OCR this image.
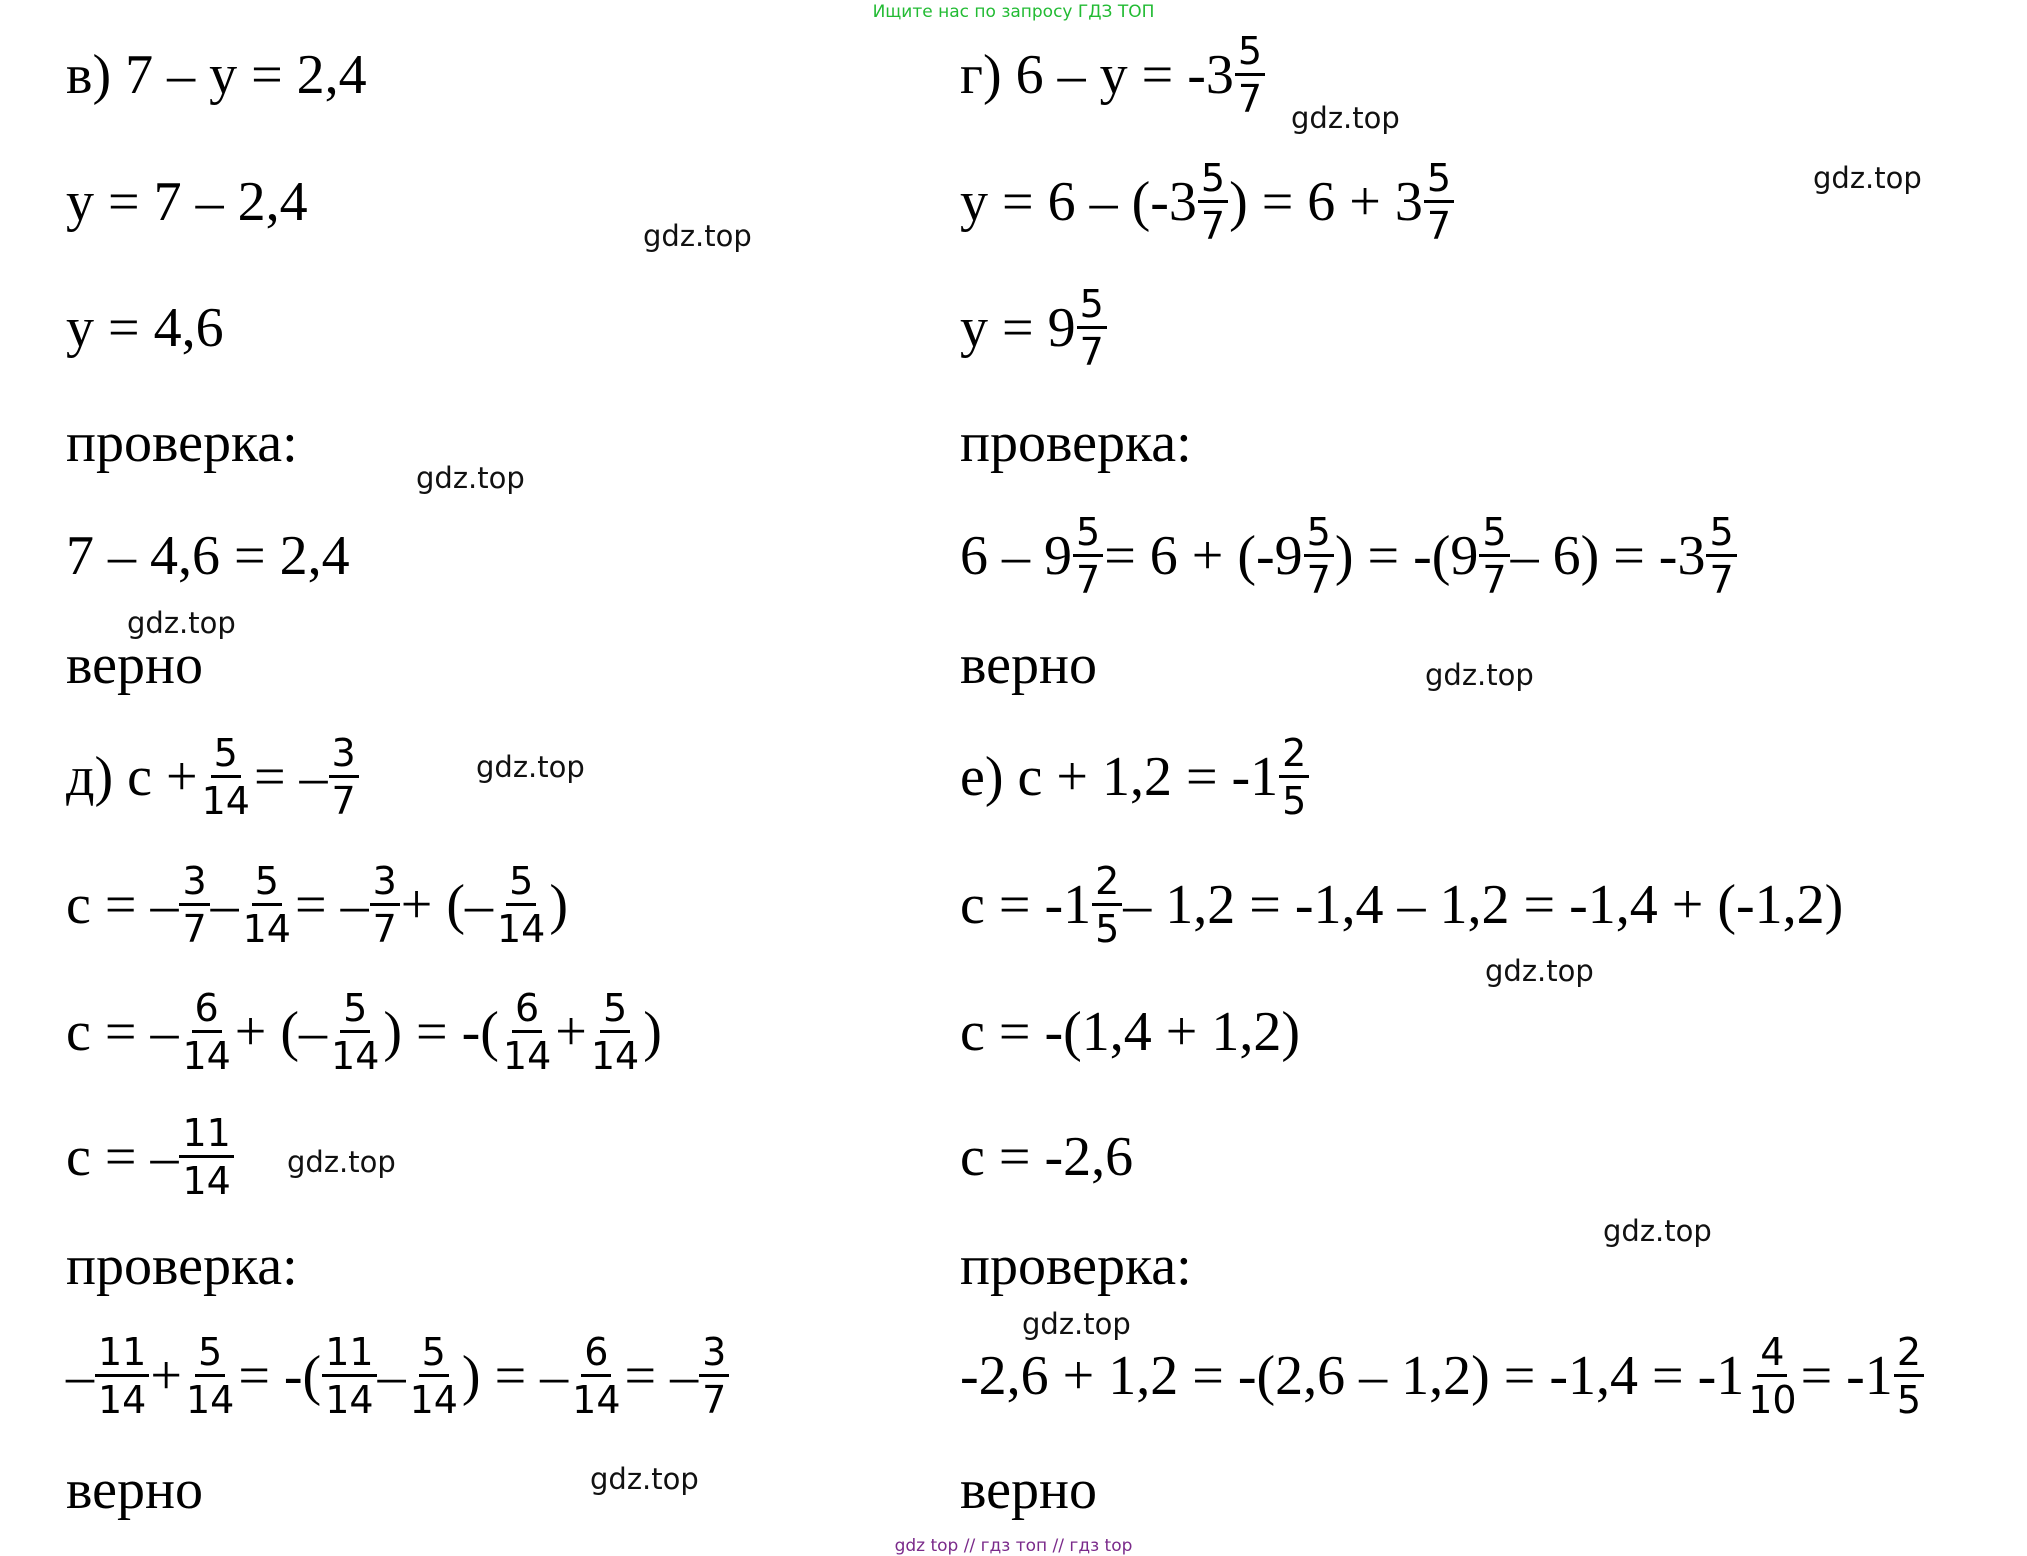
Ищите нас по запросу ГДЗ ТОП
gdz top // гдз топ // гдз top
в) 7 – y = 2,4
y = 7 – 2,4
y = 4,6
проверка:
7 – 4,6 = 2,4
верно
г) $6 - y = -3 \frac{5}{7}$
$y = 6 - (-3 \frac{5}{7}$ ) = $6 + 3 \frac{5}{7}$
$y = 9 \frac{5}{7}$
проверка:
$6 - 9 \frac{5}{7} = 6 + (-9 \frac{5}{7}$ ) = $-(9 \frac{5}{7} - 6) = -3 \frac{5}{7}$
верно
д) $с + \frac{5}{14}$ = – $\frac{3}{7}$
с = – $\frac{3}{7} - \frac{5}{14}$ = – $\frac{3}{7}$ + (– $\frac{5}{14}$ )
с = – $\frac{6}{14}$ + (– $\frac{5}{14}$ ) = -( $\frac{6}{14} + \frac{5}{14}$ )
с = – $\frac{11}{14}$
проверка:
– $\frac{11}{14} + \frac{5}{14}$ = -( $\frac{11}{14} - \frac{5}{14}$ ) = – $\frac{6}{14}$ = – $\frac{3}{7}$
верно
е) $с + 1,2 = -1 \frac{2}{5}$
$с = -1 \frac{2}{5} - 1,2 = -1,4 - 1,2 = -1,4 + (-1,2)$
с = -(1,4 + 1,2)
с = -2,6
проверка:
$-2,6 + 1,2 = -(2,6 - 1,2) = -1,4 = -1 \frac{4}{10} = -1 \frac{2}{5}$
верно
gdz.top
gdz.top
gdz.top
gdz.top
gdz.top
gdz.top
gdz.top
gdz.top
gdz.top
gdz.top
gdz.top
gdz.top
